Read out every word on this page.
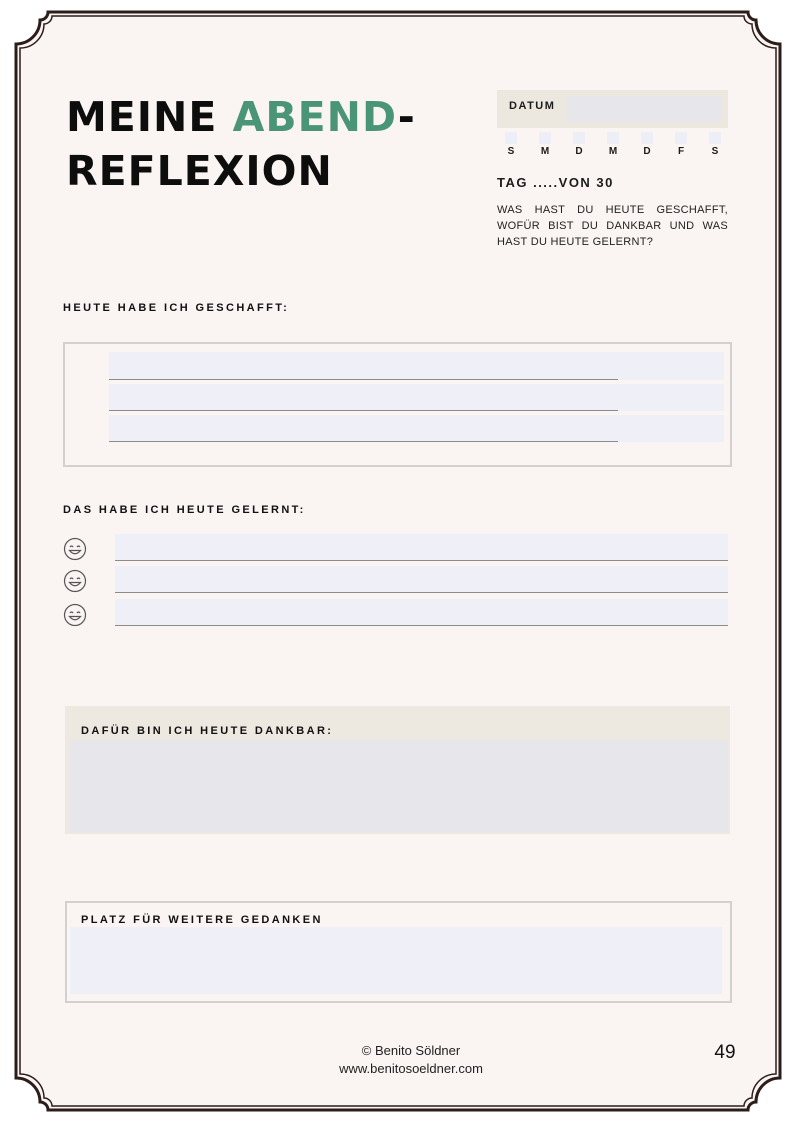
MEINE ABEND-
REFLEXION
DATUM
S	M	D	M	D	F	S
TAG .....VON 30
WAS HAST DU HEUTE GESCHAFFT, WOFÜR BIST DU DANKBAR UND WAS HAST DU HEUTE GELERNT?
HEUTE HABE ICH GESCHAFFT:
DAS HABE ICH HEUTE GELERNT:
DAFÜR BIN ICH HEUTE DANKBAR:
PLATZ FÜR WEITERE GEDANKEN
© Benito Söldner
www.benitosoeldner.com
49
